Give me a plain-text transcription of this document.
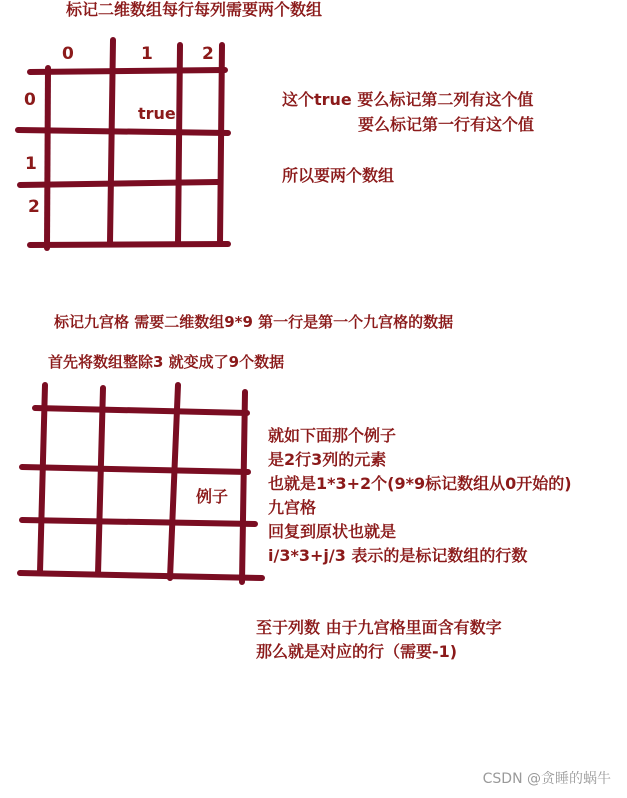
标记二维数组每行每列需要两个数组
0	1	2
0
1
2
true
这个true 要么标记第二列有这个值
要么标记第一行有这个值
所以要两个数组
标记九宫格 需要二维数组9*9 第一行是第一个九宫格的数据
首先将数组整除3 就变成了9个数据
例子
就如下面那个例子
是2行3列的元素
也就是1*3+2个(9*9标记数组从0开始的)
九宫格
回复到原状也就是
i/3*3+j/3 表示的是标记数组的行数
至于列数 由于九宫格里面含有数字
那么就是对应的行（需要-1)
CSDN @贪睡的蜗牛
